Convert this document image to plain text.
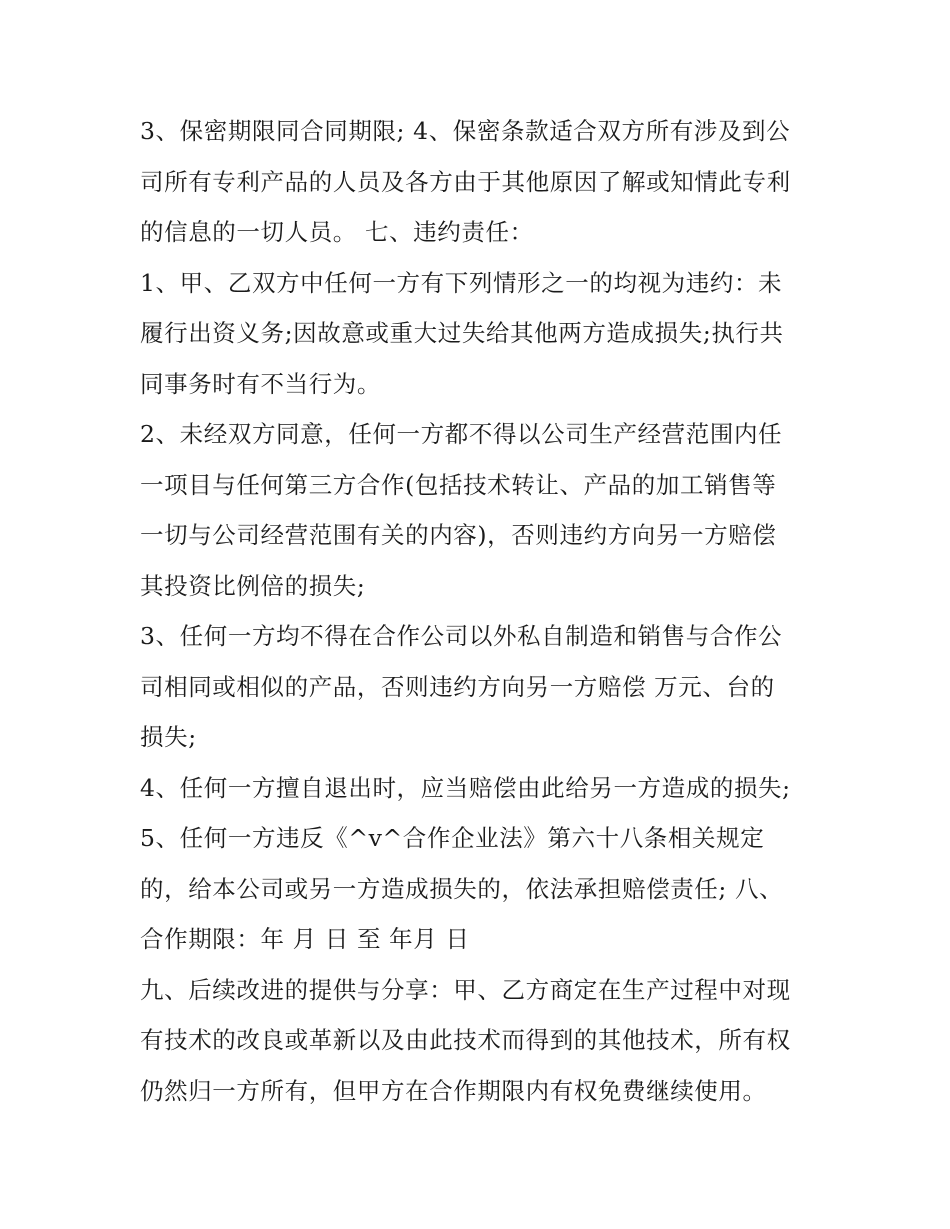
3、保密期限同合同期限; 4、保密条款适合双方所有涉及到公
司所有专利产品的人员及各方由于其他原因了解或知情此专利
的信息的一切人员。 七、违约责任：
1、甲、乙双方中任何一方有下列情形之一的均视为违约：未
履行出资义务;因故意或重大过失给其他两方造成损失;执行共
同事务时有不当行为。
2、未经双方同意，任何一方都不得以公司生产经营范围内任
一项目与任何第三方合作(包括技术转让、产品的加工销售等
一切与公司经营范围有关的内容)，否则违约方向另一方赔偿
其投资比例倍的损失;
3、任何一方均不得在合作公司以外私自制造和销售与合作公
司相同或相似的产品，否则违约方向另一方赔偿 万元、台的
损失;
4、任何一方擅自退出时，应当赔偿由此给另一方造成的损失;
5、任何一方违反《^v^合作企业法》第六十八条相关规定
的，给本公司或另一方造成损失的，依法承担赔偿责任; 八、
合作期限：年 月 日 至 年月 日
九、后续改进的提供与分享：甲、乙方商定在生产过程中对现
有技术的改良或革新以及由此技术而得到的其他技术，所有权
仍然归一方所有，但甲方在合作期限内有权免费继续使用。
